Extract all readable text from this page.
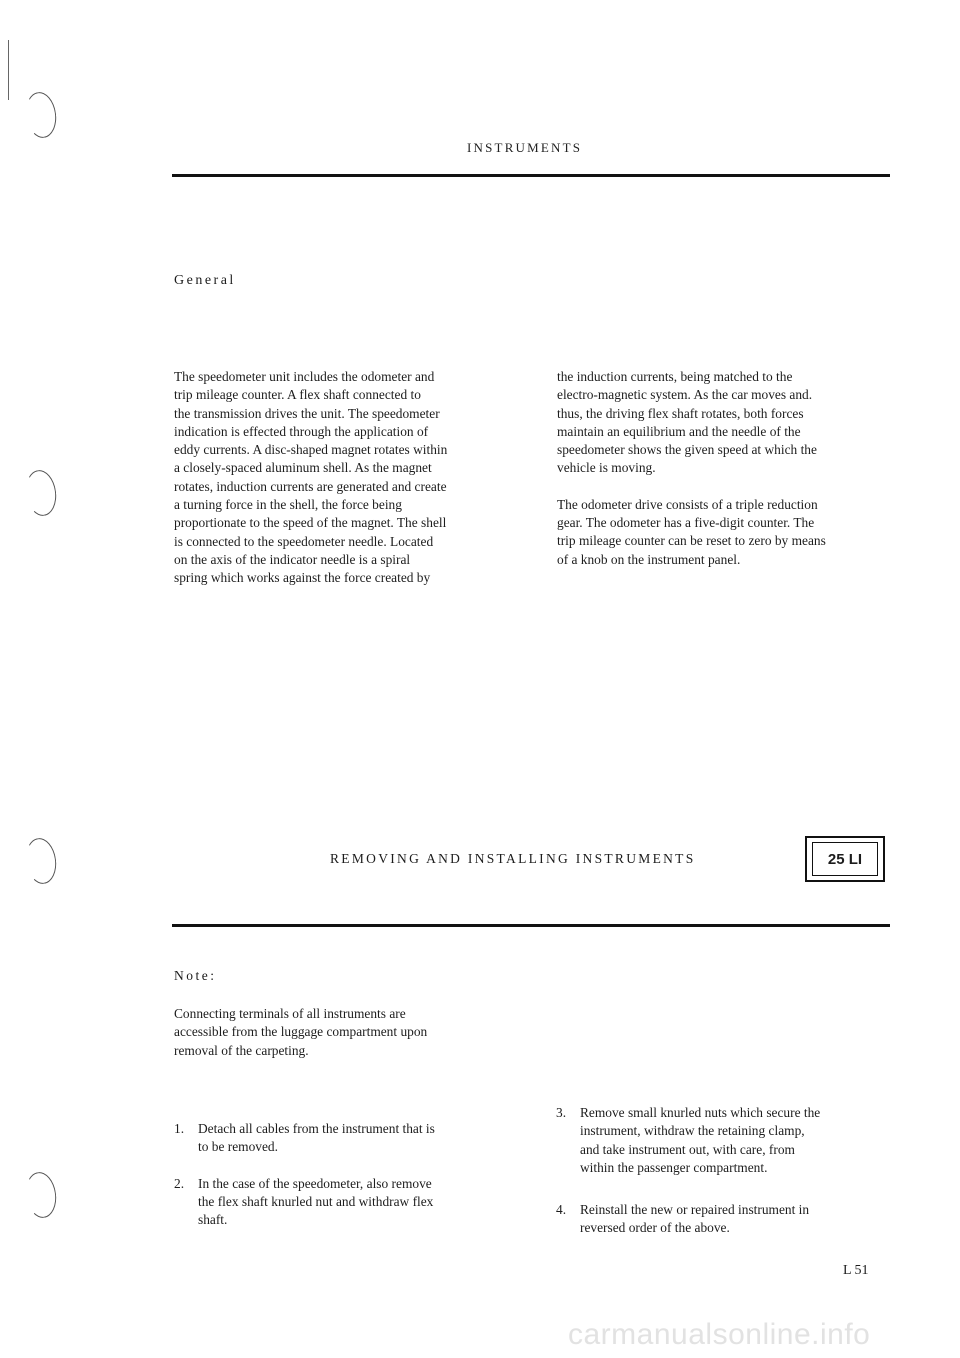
INSTRUMENTS
General

The speedometer unit includes the odometer and
trip mileage counter. A flex shaft connected to
the transmission drives the unit. The speedometer
indication is effected through the application of
eddy currents. A disc-shaped magnet rotates within
a closely-spaced aluminum shell. As the magnet
rotates, induction currents are generated and create
a turning force in the shell, the force being
proportionate to the speed of the magnet. The shell
is connected to the speedometer needle. Located
on the axis of the indicator needle is a spiral
spring which works against the force created by

the induction currents, being matched to the
electro-magnetic system. As the car moves and.
thus, the driving flex shaft rotates, both forces
maintain an equilibrium and the needle of the
speedometer shows the given speed at which the
vehicle is moving.

The odometer drive consists of a triple reduction
gear. The odometer has a five-digit counter. The
trip mileage counter can be reset to zero by means
of a knob on the instrument panel.

REMOVING AND INSTALLING INSTRUMENTS	25 LI
Note:

Connecting terminals of all instruments are
accessible from the luggage compartment upon
removal of the carpeting.

1. Detach all cables from the instrument that is
to be removed.

2. In the case of the speedometer, also remove
the flex shaft knurled nut and withdraw flex
shaft.

3. Remove small knurled nuts which secure the
instrument, withdraw the retaining clamp,
and take instrument out, with care, from
within the passenger compartment.

4. Reinstall the new or repaired instrument in
reversed order of the above.

L 51
carmanualsonline.info
